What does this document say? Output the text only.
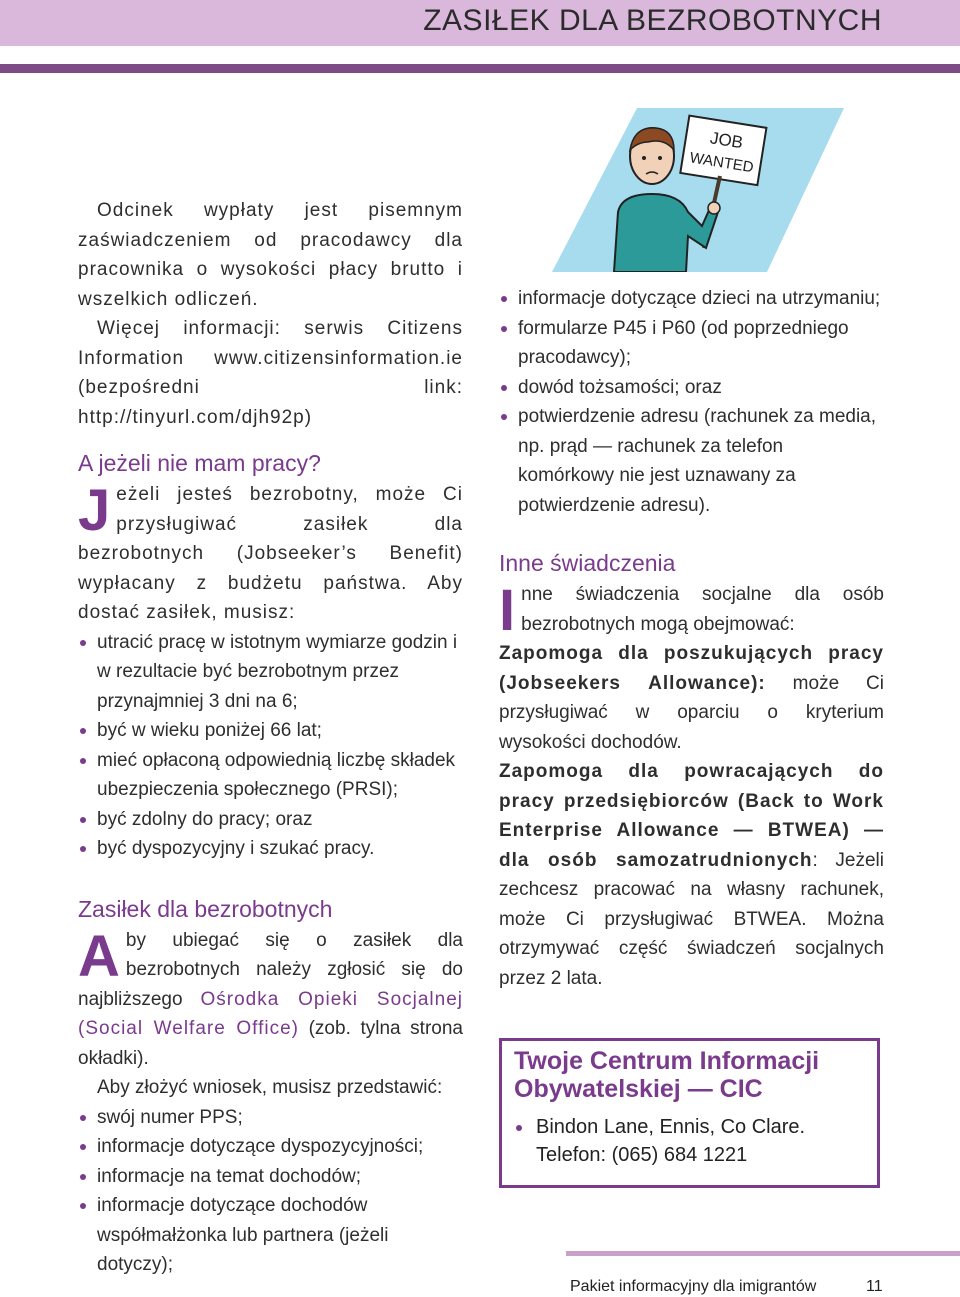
ZASIŁEK DLA BEZROBOTNYCH
JOB
WANTED

Odcinek wypłaty jest pisemnym zaświadczeniem od pracodawcy dla pracownika o wysokości płacy brutto i wszelkich odliczeń.

Więcej informacji: serwis Citizens Information www.citizensinformation.ie (bezpośredni link: http://tinyurl.com/djh92p)

A jeżeli nie mam pracy?

Jeżeli jesteś bezrobotny, może Ci przysługiwać zasiłek dla bezrobotnych (Jobseeker’s Benefit) wypłacany z budżetu państwa. Aby dostać zasiłek, musisz:

utracić pracę w istotnym wymiarze godzin i w rezultacie być bezrobotnym przez przynajmniej 3 dni na 6;
być w wieku poniżej 66 lat;
mieć opłaconą odpowiednią liczbę składek ubezpieczenia społecznego (PRSI);
być zdolny do pracy; oraz
być dyspozycyjny i szukać pracy.
Zasiłek dla bezrobotnych

Aby ubiegać się o zasiłek dla bezrobotnych należy zgłosić się do najbliższego Ośrodka Opieki Socjalnej (Social Welfare Office) (zob. tylna strona okładki).

Aby złożyć wniosek, musisz przedstawić:

swój numer PPS;
informacje dotyczące dyspozycyjności;
informacje na temat dochodów;
informacje dotyczące dochodów współmałżonka lub partnera (jeżeli dotyczy);
informacje dotyczące dzieci na utrzymaniu;
formularze P45 i P60 (od poprzedniego pracodawcy);
dowód tożsamości; oraz
potwierdzenie adresu (rachunek za media, np. prąd — rachunek za telefon komórkowy nie jest uznawany za potwierdzenie adresu).
Inne świadczenia

Inne świadczenia socjalne dla osób bezrobotnych mogą obejmować:

Zapomoga dla poszukujących pracy (Jobseekers Allowance): może Ci przysługiwać w oparciu o kryterium wysokości dochodów.

Zapomoga dla powracających do pracy przedsiębiorców (Back to Work Enterprise Allowance — BTWEA) — dla osób samozatrudnionych: Jeżeli zechcesz pracować na własny rachunek, może Ci przysługiwać BTWEA. Można otrzymywać część świadczeń socjalnych przez 2 lata.

Twoje Centrum Informacji
Obywatelskiej — CIC
Bindon Lane, Ennis, Co Clare.
Telefon: (065) 684 1221
Pakiet informacyjny dla imigrantów	11
